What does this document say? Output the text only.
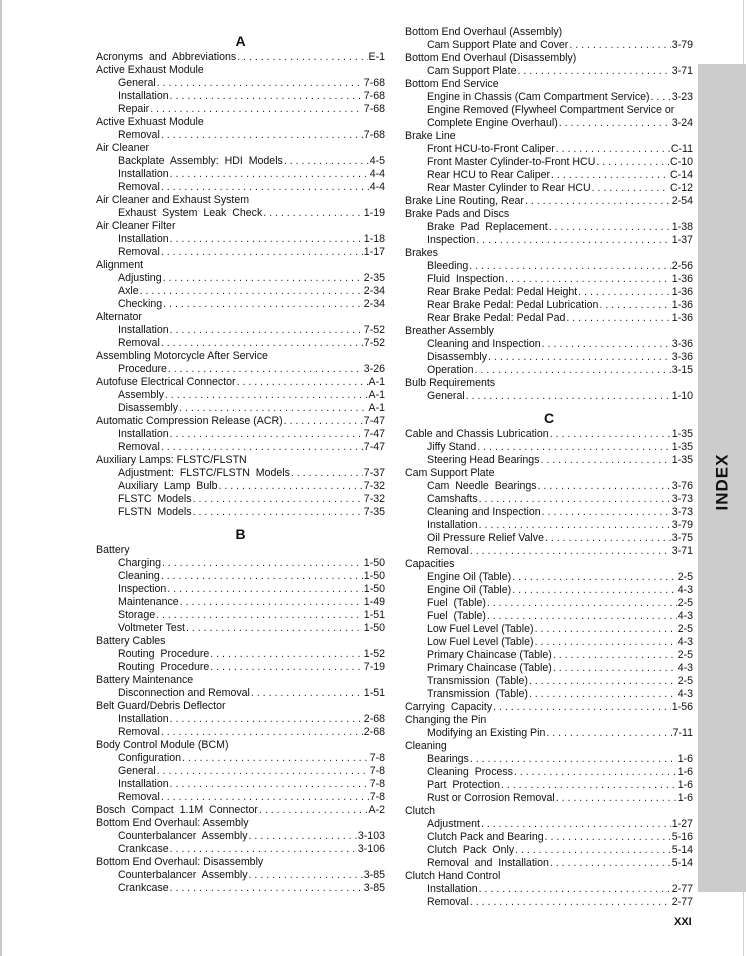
INDEX
A
Acronyms  and  Abbreviations . . .	E-1
Active Exhaust Module
General . . .	7-68
Installation . . .	7-68
Repair . . .	7-68
Active Exhuast Module
Removal . . .	7-68
Air Cleaner
Backplate  Assembly:  HDI  Models . . .	4-5
Installation . . .	4-4
Removal . . .	4-4
Air Cleaner and Exhaust System
Exhaust  System  Leak  Check . . .	1-19
Air Cleaner Filter
Installation . . .	1-18
Removal . . .	1-17
Alignment
Adjusting . . .	2-35
Axle . . .	2-34
Checking . . .	2-34
Alternator
Installation . . .	7-52
Removal . . .	7-52
Assembling Motorcycle After Service
Procedure . . .	3-26
Autofuse Electrical Connector . . .	A-1
Assembly . . .	A-1
Disassembly . . .	A-1
Automatic Compression Release (ACR) . . .	7-47
Installation . . .	7-47
Removal . . .	7-47
Auxiliary Lamps: FLSTC/FLSTN
Adjustment:  FLSTC/FLSTN  Models . . .	7-37
Auxiliary  Lamp  Bulb . . .	7-32
FLSTC  Models . . .	7-32
FLSTN  Models . . .	7-35
B
Battery
Charging . . .	1-50
Cleaning . . .	1-50
Inspection . . .	1-50
Maintenance . . .	1-49
Storage . . .	1-51
Voltmeter Test . . .	1-50
Battery Cables
Routing  Procedure . . .	1-52
Routing  Procedure . . .	7-19
Battery Maintenance
Disconnection and Removal . . .	1-51
Belt Guard/Debris Deflector
Installation . . .	2-68
Removal . . .	2-68
Body Control Module (BCM)
Configuration . . .	7-8
General . . .	7-8
Installation . . .	7-8
Removal . . .	7-8
Bosch  Compact  1.1M  Connector . . .	A-2
Bottom End Overhaul: Assembly
Counterbalancer  Assembly . . .	3-103
Crankcase . . .	3-106
Bottom End Overhaul: Disassembly
Counterbalancer  Assembly . . .	3-85
Crankcase . . .	3-85
Bottom End Overhaul (Assembly)
Cam Support Plate and Cover . . .	3-79
Bottom End Overhaul (Disassembly)
Cam Support Plate . . .	3-71
Bottom End Service
Engine in Chassis (Cam Compartment Service) . . . 3-23
Engine Removed (Flywheel Compartment Service or
Complete Engine Overhaul) . . .	3-24
Brake Line
Front HCU-to-Front Caliper . . .	C-11
Front Master Cylinder-to-Front HCU . . .	C-10
Rear HCU to Rear Caliper . . .	C-14
Rear Master Cylinder to Rear HCU . . .	C-12
Brake Line Routing, Rear . . .	2-54
Brake Pads and Discs
Brake  Pad  Replacement . . .	1-38
Inspection . . .	1-37
Brakes
Bleeding . . .	2-56
Fluid  Inspection . . .	1-36
Rear Brake Pedal: Pedal Height . . .	1-36
Rear Brake Pedal: Pedal Lubrication . . .	1-36
Rear Brake Pedal: Pedal Pad . . .	1-36
Breather Assembly
Cleaning and Inspection . . .	3-36
Disassembly . . .	3-36
Operation . . .	3-15
Bulb Requirements
General . . .	1-10
C
Cable and Chassis Lubrication . . .	1-35
Jiffy Stand . . .	1-35
Steering Head Bearings . . .	1-35
Cam Support Plate
Cam  Needle  Bearings . . .	3-76
Camshafts . . .	3-73
Cleaning and Inspection . . .	3-73
Installation . . .	3-79
Oil Pressure Relief Valve . . .	3-75
Removal . . .	3-71
Capacities
Engine Oil (Table) . . .	2-5
Engine Oil (Table) . . .	4-3
Fuel  (Table) . . .	2-5
Fuel  (Table) . . .	4-3
Low Fuel Level (Table) . . .	2-5
Low Fuel Level (Table) . . .	4-3
Primary Chaincase (Table) . . .	2-5
Primary Chaincase (Table) . . .	4-3
Transmission  (Table) . . .	2-5
Transmission  (Table) . . .	4-3
Carrying  Capacity . . .	1-56
Changing the Pin
Modifying an Existing Pin . . .	7-11
Cleaning
Bearings . . .	1-6
Cleaning  Process . . .	1-6
Part  Protection . . .	1-6
Rust or Corrosion Removal . . .	1-6
Clutch
Adjustment . . .	1-27
Clutch Pack and Bearing . . .	5-16
Clutch  Pack  Only . . .	5-14
Removal  and  Installation . . .	5-14
Clutch Hand Control
Installation . . .	2-77
Removal . . .	2-77
XXI
